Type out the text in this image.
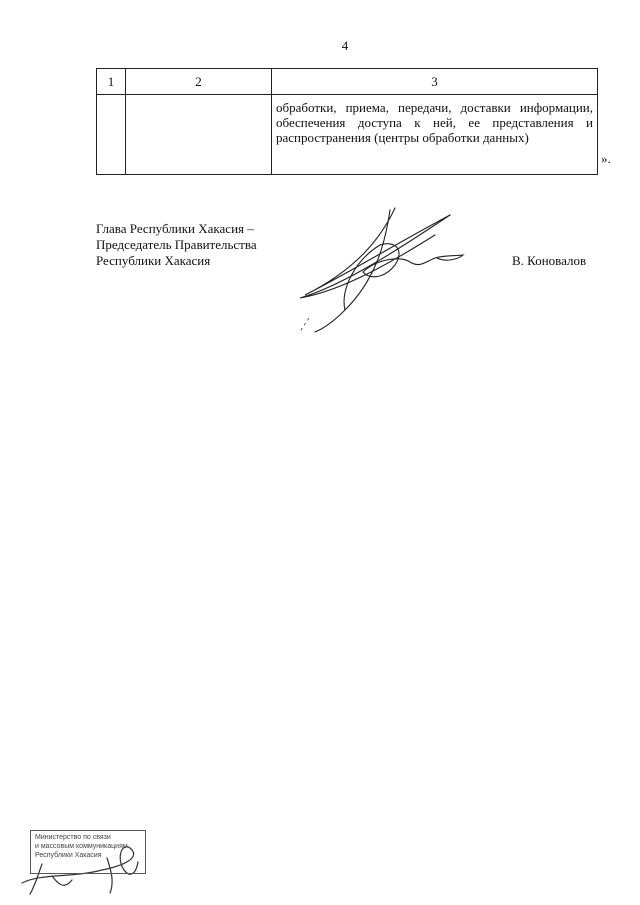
4
1	2	3

		обработки, приема, передачи, доставки информации, обеспечения доступа к ней, ее представления и распространения (центры обработки данных)
».
Глава Республики Хакасия –
Председатель Правительства
Республики Хакасия	В. Коновалов
Министерство по связи
и массовым коммуникациям
Республики Хакасия
